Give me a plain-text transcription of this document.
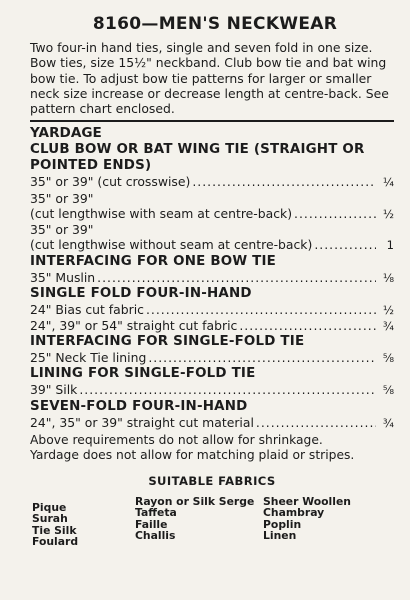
8160—MEN'S NECKWEAR
Two four-in hand ties, single and seven fold in one size. Bow ties, size 15½" neckband. Club bow tie and bat wing bow tie. To adjust bow tie patterns for larger or smaller neck size increase or decrease length at centre-back. See pattern chart enclosed.
YARDAGE
CLUB BOW OR BAT WING TIE (STRAIGHT OR POINTED ENDS)
35" or 39" (cut crosswise) .....	¼
35" or 39"
(cut lengthwise with seam at centre-back) .....	½
35" or 39"
(cut lengthwise without seam at centre-back) .....	1
INTERFACING FOR ONE BOW TIE
35" Muslin .....	⅛
SINGLE FOLD FOUR-IN-HAND
24" Bias cut fabric .....	½
24", 39" or 54" straight cut fabric .....	¾
INTERFACING FOR SINGLE-FOLD TIE
25" Neck Tie lining .....	⅝
LINING FOR SINGLE-FOLD TIE
39" Silk .....	⅝
SEVEN-FOLD FOUR-IN-HAND
24", 35" or 39" straight cut material .....	¾
Above requirements do not allow for shrinkage.
Yardage does not allow for matching plaid or stripes.
SUITABLE FABRICS
Pique
Surah
Tie Silk
Foulard
Rayon or Silk Serge
Taffeta
Faille
Challis
Sheer Woollen
Chambray
Poplin
Linen
